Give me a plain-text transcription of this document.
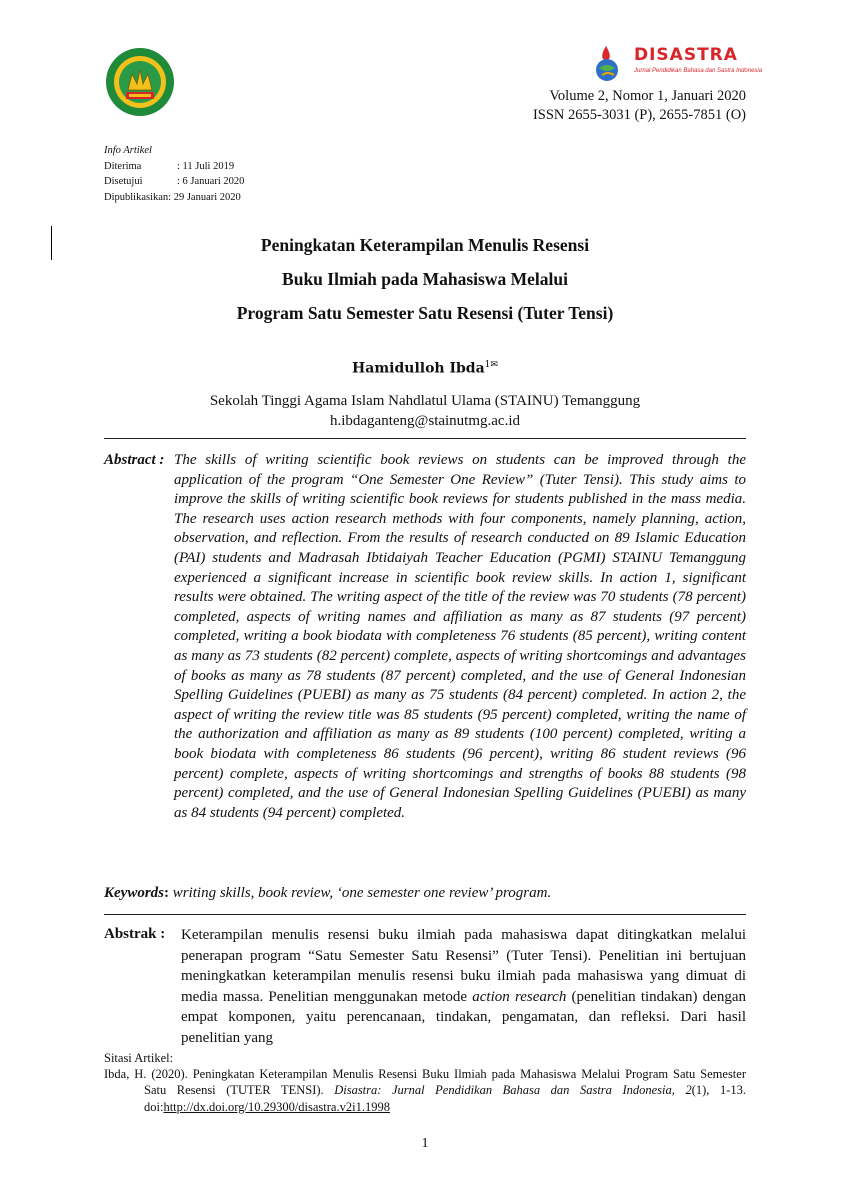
DISASTRA
Jurnal Pendidikan Bahasa dan Sastra Indonesia
Volume 2, Nomor 1, Januari 2020
ISSN 2655-3031 (P), 2655-7851 (O)
Info Artikel
Diterima	: 11 Juli 2019
Disetujui	: 6 Januari 2020
Dipublikasikan: 29 Januari 2020
Peningkatan Keterampilan Menulis Resensi
Buku Ilmiah pada Mahasiswa Melalui
Program Satu Semester Satu Resensi (Tuter Tensi)
Hamidulloh Ibda$^{1✉}$
Sekolah Tinggi Agama Islam Nahdlatul Ulama (STAINU) Temanggung
h.ibdaganteng@stainutmg.ac.id
Abstract : The skills of writing scientific book reviews on students can be improved through the application of the program “One Semester One Review” (Tuter Tensi). This study aims to improve the skills of writing scientific book reviews for students published in the mass media. The research uses action research methods with four components, namely planning, action, observation, and reflection. From the results of research conducted on 89 Islamic Education (PAI) students and Madrasah Ibtidaiyah Teacher Education (PGMI) STAINU Temanggung experienced a significant increase in scientific book review skills. In action 1, significant results were obtained. The writing aspect of the title of the review was 70 students (78 percent) completed, aspects of writing names and affiliation as many as 87 students (97 percent) completed, writing a book biodata with completeness 76 students (85 percent), writing content as many as 73 students (82 percent) complete, aspects of writing shortcomings and advantages of books as many as 78 students (87 percent) completed, and the use of General Indonesian Spelling Guidelines (PUEBI) as many as 75 students (84 percent) completed. In action 2, the aspect of writing the review title was 85 students (95 percent) completed, writing the name of the authorization and affiliation as many as 89 students (100 percent) completed, writing a book biodata with completeness 86 students (96 percent), writing 86 student reviews (96 percent) complete, aspects of writing shortcomings and strengths of books 88 students (98 percent) completed, and the use of General Indonesian Spelling Guidelines (PUEBI) as many as 84 students (94 percent) completed.
Keywords: writing skills, book review, ‘one semester one review’ program.
Abstrak : Keterampilan menulis resensi buku ilmiah pada mahasiswa dapat ditingkatkan melalui penerapan program “Satu Semester Satu Resensi” (Tuter Tensi). Penelitian ini bertujuan meningkatkan keterampilan menulis resensi buku ilmiah pada mahasiswa yang dimuat di media massa. Penelitian menggunakan metode action research (penelitian tindakan) dengan empat komponen, yaitu perencanaan, tindakan, pengamatan, dan refleksi. Dari hasil penelitian yang
Sitasi Artikel:
Ibda, H. (2020). Peningkatan Keterampilan Menulis Resensi Buku Ilmiah pada Mahasiswa Melalui Program Satu Semester Satu Resensi (TUTER TENSI). Disastra: Jurnal Pendidikan Bahasa dan Sastra Indonesia, 2(1), 1-13. doi:http://dx.doi.org/10.29300/disastra.v2i1.1998
1
